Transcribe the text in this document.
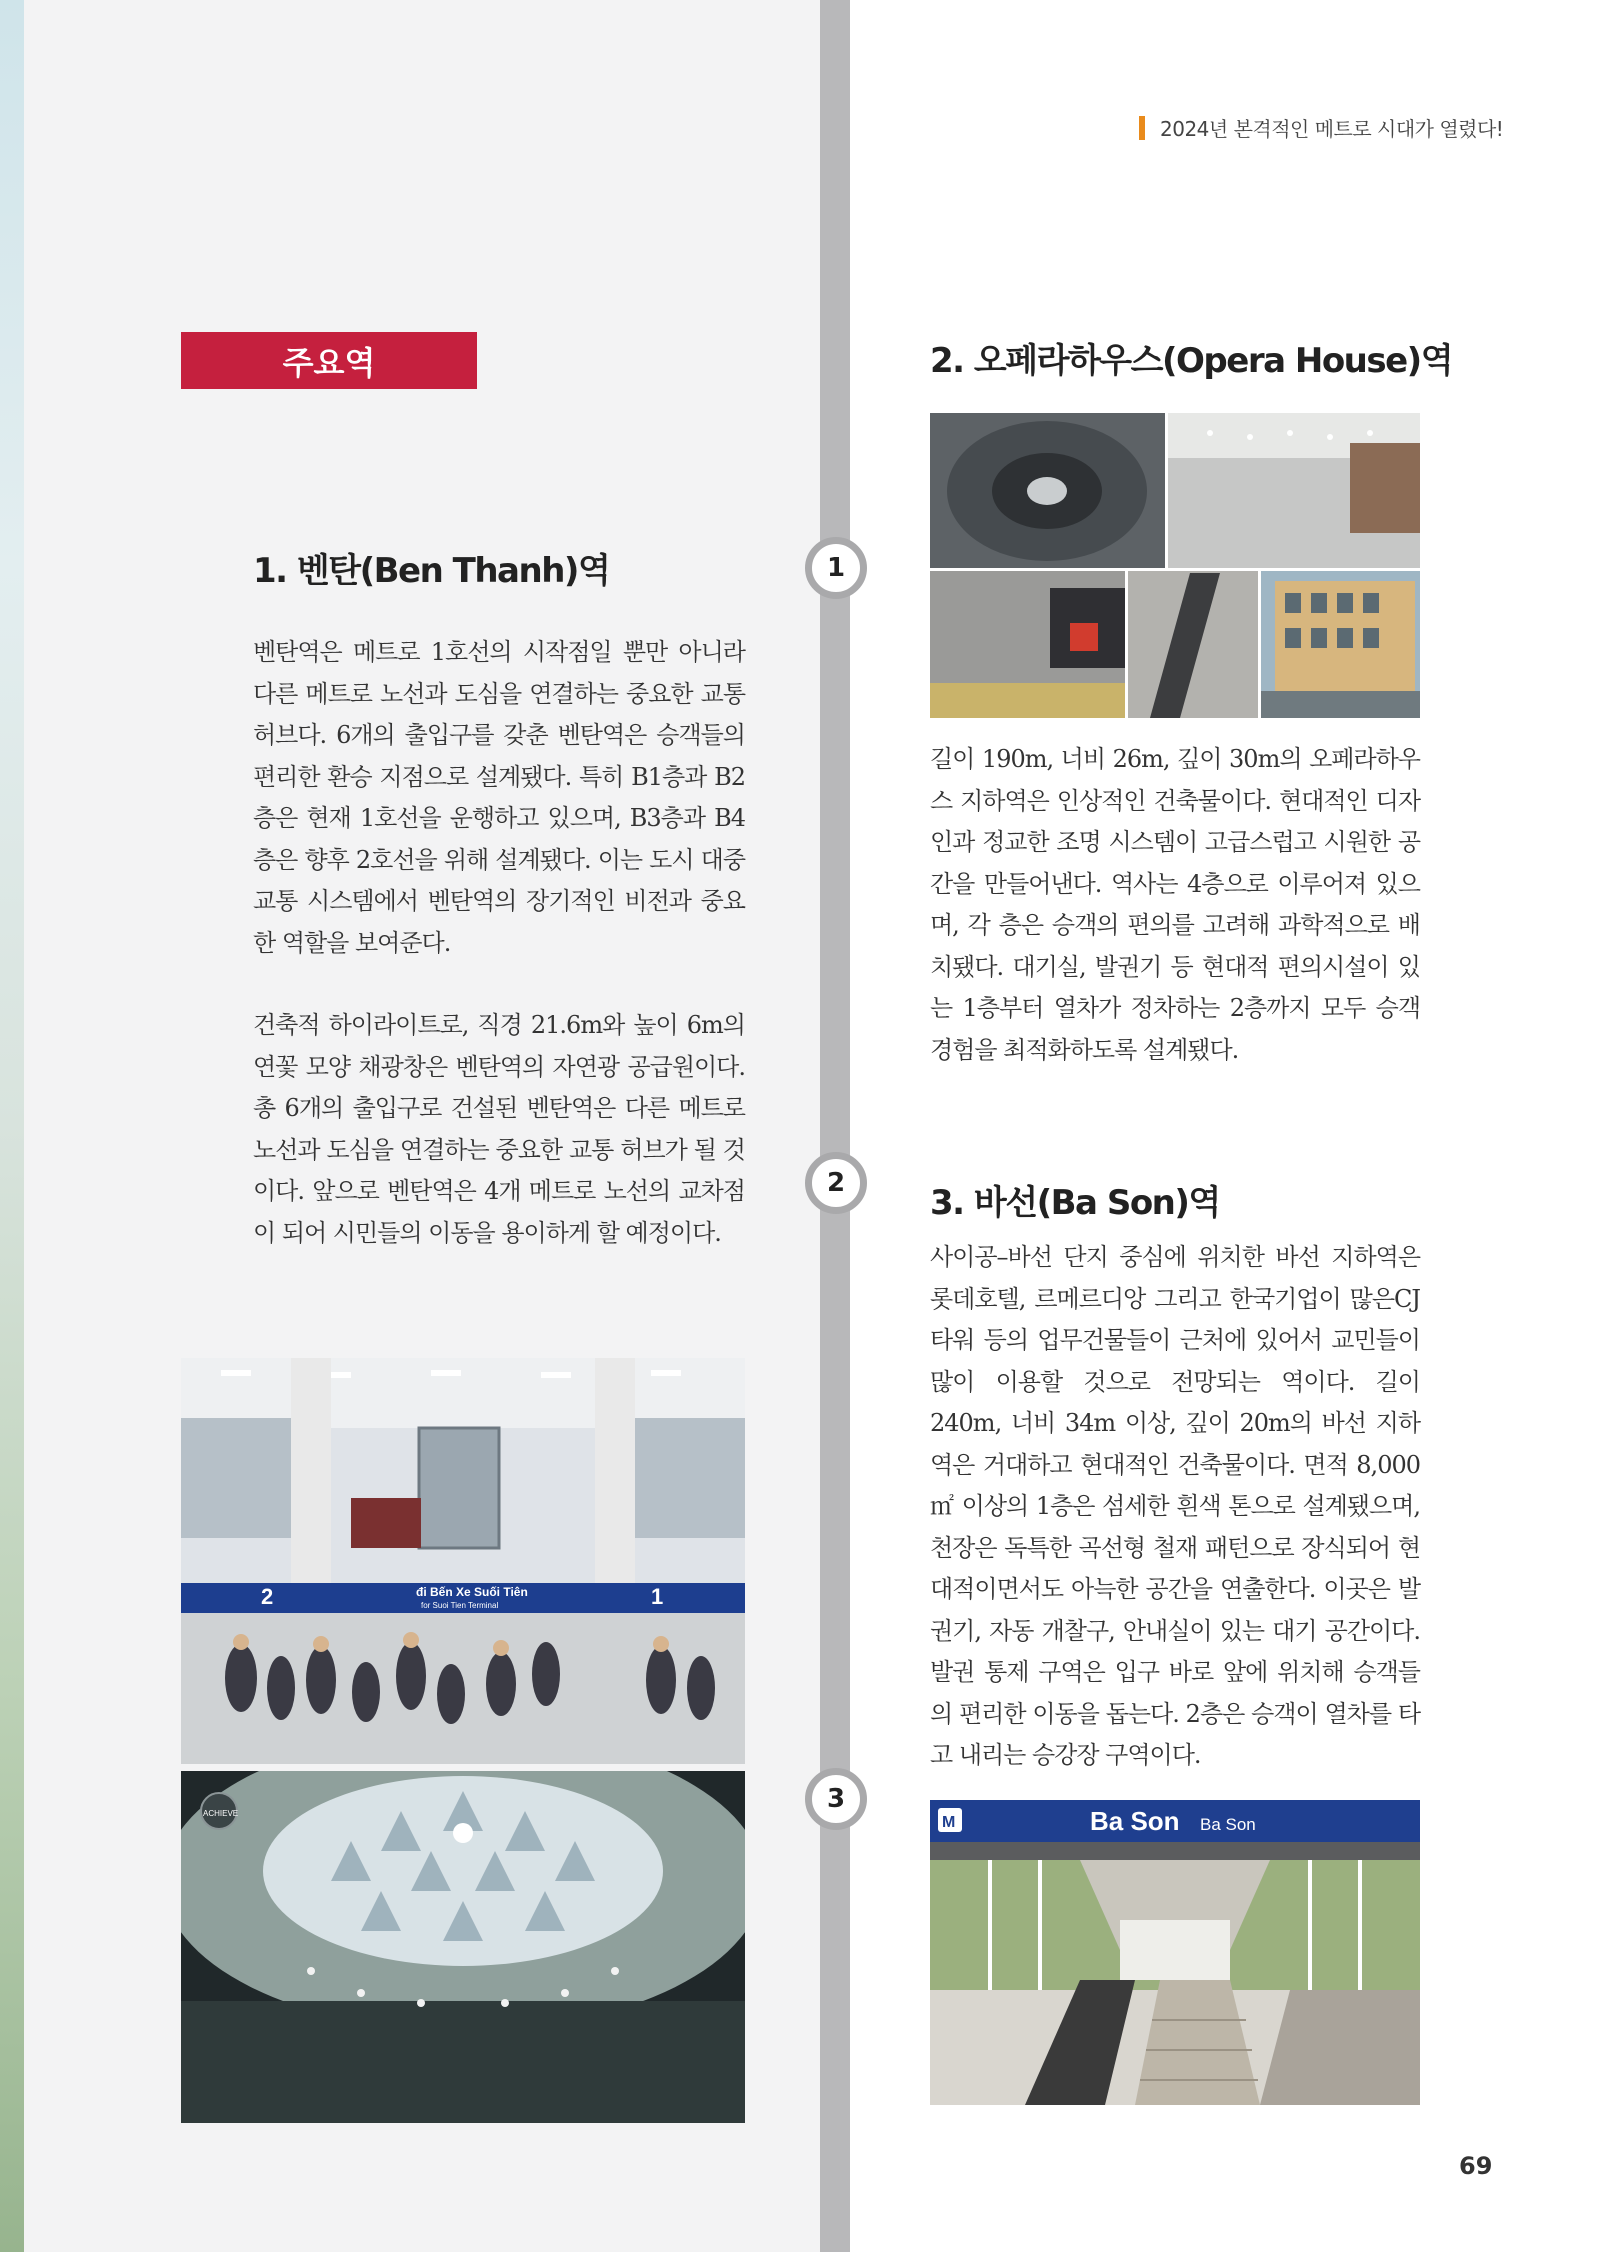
2024년 본격적인 메트로 시대가 열렸다!
주요역
1. 벤탄(Ben Thanh)역

벤탄역은 메트로 1호선의 시작점일 뿐만 아니라 다른 메트로 노선과 도심을 연결하는 중요한 교통 허브다. 6개의 출입구를 갖춘 벤탄역은 승객들의 편리한 환승 지점으로 설계됐다. 특히 B1층과 B2층은 현재 1호선을 운행하고 있으며, B3층과 B4층은 향후 2호선을 위해 설계됐다. 이는 도시 대중교통 시스템에서 벤탄역의 장기적인 비전과 중요한 역할을 보여준다.

건축적 하이라이트로, 직경 21.6m와 높이 6m의 연꽃 모양 채광창은 벤탄역의 자연광 공급원이다. 총 6개의 출입구로 건설된 벤탄역은 다른 메트로 노선과 도심을 연결하는 중요한 교통 허브가 될 것이다. 앞으로 벤탄역은 4개 메트로 노선의 교차점이 되어 시민들의 이동을 용이하게 할 예정이다.

1
2
3
2	đi Bến Xe Suối Tiên
for Suoi Tien Terminal	1
ACHIEVE
2. 오페라하우스(Opera House)역

길이 190m, 너비 26m, 깊이 30m의 오페라하우스 지하역은 인상적인 건축물이다. 현대적인 디자인과 정교한 조명 시스템이 고급스럽고 시원한 공간을 만들어낸다. 역사는 4층으로 이루어져 있으며, 각 층은 승객의 편의를 고려해 과학적으로 배치됐다. 대기실, 발권기 등 현대적 편의시설이 있는 1층부터 열차가 정차하는 2층까지 모두 승객 경험을 최적화하도록 설계됐다.

3. 바선(Ba Son)역

사이공–바선 단지 중심에 위치한 바선 지하역은 롯데호텔, 르메르디앙 그리고 한국기업이 많은CJ타워 등의 업무건물들이 근처에 있어서 교민들이 많이 이용할 것으로 전망되는 역이다. 길이 240m, 너비 34m 이상, 깊이 20m의 바선 지하역은 거대하고 현대적인 건축물이다. 면적 8,000㎡ 이상의 1층은 섬세한 흰색 톤으로 설계됐으며, 천장은 독특한 곡선형 철재 패턴으로 장식되어 현대적이면서도 아늑한 공간을 연출한다. 이곳은 발권기, 자동 개찰구, 안내실이 있는 대기 공간이다. 발권 통제 구역은 입구 바로 앞에 위치해 승객들의 편리한 이동을 돕는다. 2층은 승객이 열차를 타고 내리는 승강장 구역이다.

M	Ba Son Ba Son
69
